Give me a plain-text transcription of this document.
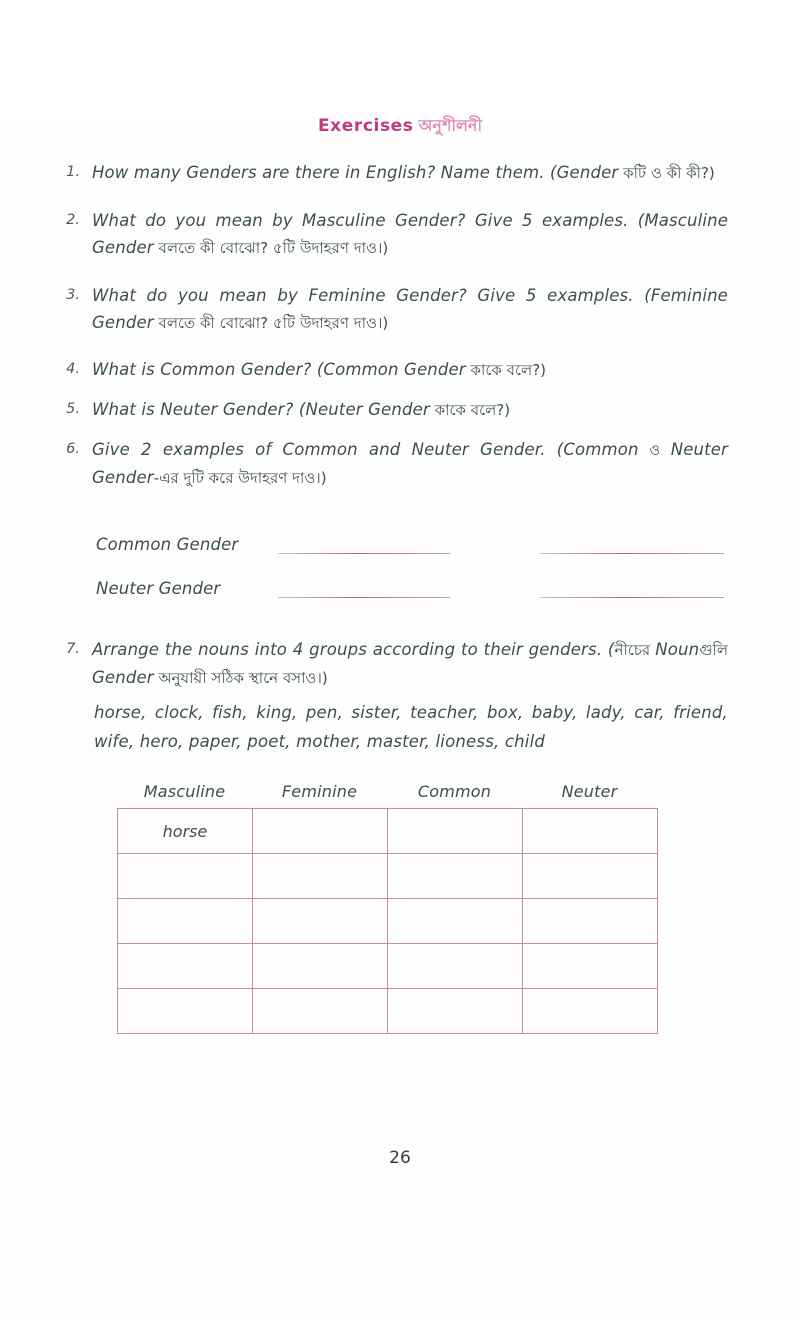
Exercises অনুশীলনী
1. How many Genders are there in English? Name them. (Gender কটি ও কী কী?)
2. What do you mean by Masculine Gender? Give 5 examples. (Masculine Gender বলতে কী বোঝো? ৫টি উদাহরণ দাও।)
3. What do you mean by Feminine Gender? Give 5 examples. (Feminine Gender বলতে কী বোঝো? ৫টি উদাহরণ দাও।)
4. What is Common Gender? (Common Gender কাকে বলে?)
5. What is Neuter Gender? (Neuter Gender কাকে বলে?)
6. Give 2 examples of Common and Neuter Gender. (Common ও Neuter Gender-এর দুটি করে উদাহরণ দাও।)
Common Gender
Neuter Gender
7. Arrange the nouns into 4 groups according to their genders. (নীচের Nounগুলি Gender অনুযায়ী সঠিক স্থানে বসাও।)
horse, clock, fish, king, pen, sister, teacher, box, baby, lady, car, friend, wife, hero, paper, poet, mother, master, lioness, child
Masculine	Feminine	Common	Neuter
horse			

26
